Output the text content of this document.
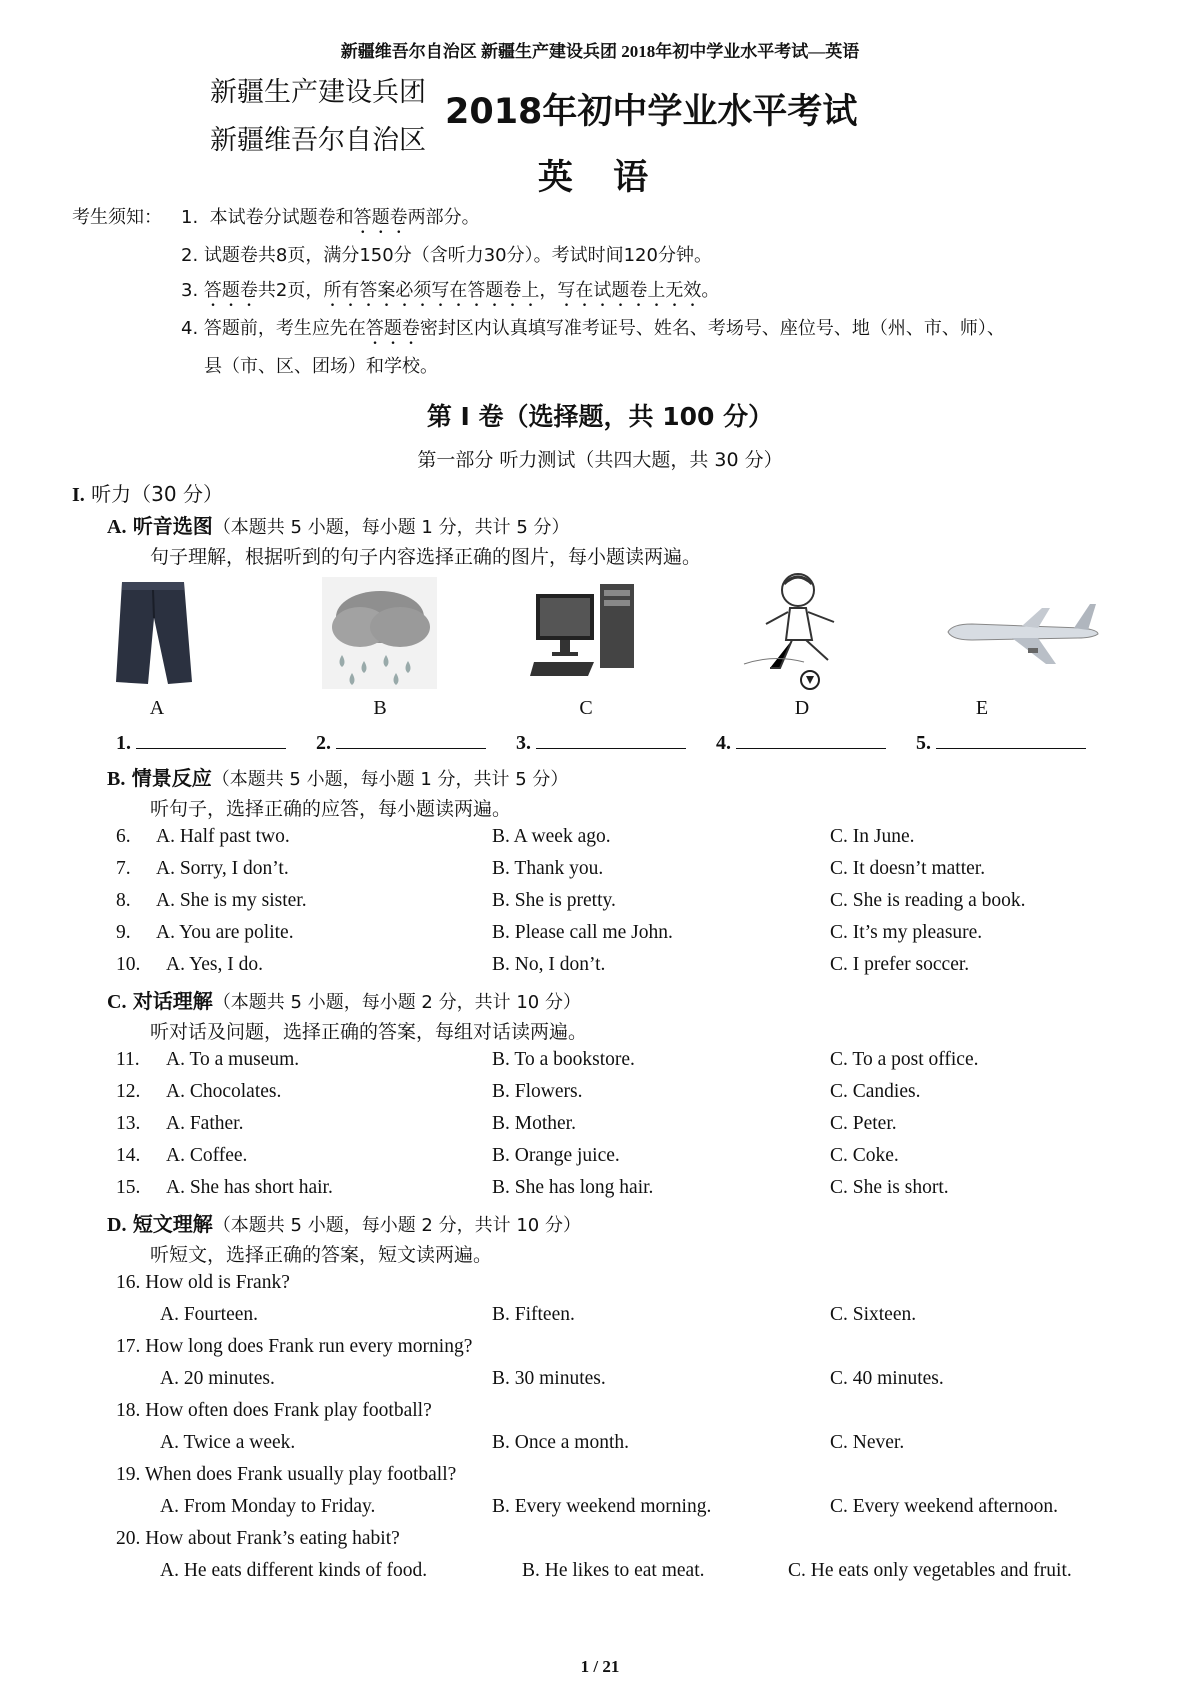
新疆维吾尔自治区 新疆生产建设兵团 2018年初中学业水平考试—英语
新疆生产建设兵团
新疆维吾尔自治区
2018年初中学业水平考试
英 语
考生须知： 1. 本试卷分试题卷和答题卷两部分。
2. 试题卷共8页，满分150分（含听力30分）。考试时间120分钟。
3. 答题卷共2页，所有答案必须写在答题卷上，写在试题卷上无效。
4. 答题前，考生应先在答题卷密封区内认真填写准考证号、姓名、考场号、座位号、地（州、市、师）、
县（市、区、团场）和学校。
第 I 卷（选择题，共 100 分）
第一部分 听力测试（共四大题，共 30 分）
I. 听力（30 分）
A. 听音选图（本题共 5 小题，每小题 1 分，共计 5 分）
句子理解，根据听到的句子内容选择正确的图片，每小题读两遍。
A	B	C	D	E
1.	2.	3.	4.	5.
B. 情景反应（本题共 5 小题，每小题 1 分，共计 5 分）
听句子，选择正确的应答，每小题读两遍。
6. A. Half past two.	B. A week ago.	C. In June.
7. A. Sorry, I don’t.	B. Thank you.	C. It doesn’t matter.
8. A. She is my sister.	B. She is pretty.	C. She is reading a book.
9. A. You are polite.	B. Please call me John.	C. It’s my pleasure.
10. A. Yes, I do.	B. No, I don’t.	C. I prefer soccer.
C. 对话理解（本题共 5 小题，每小题 2 分，共计 10 分）
听对话及问题，选择正确的答案，每组对话读两遍。
11. A. To a museum.	B. To a bookstore.	C. To a post office.
12. A. Chocolates.	B. Flowers.	C. Candies.
13. A. Father.	B. Mother.	C. Peter.
14. A. Coffee.	B. Orange juice.	C. Coke.
15. A. She has short hair.	B. She has long hair.	C. She is short.
D. 短文理解（本题共 5 小题，每小题 2 分，共计 10 分）
听短文，选择正确的答案，短文读两遍。
16. How old is Frank?
A. Fourteen.	B. Fifteen.	C. Sixteen.
17. How long does Frank run every morning?
A. 20 minutes.	B. 30 minutes.	C. 40 minutes.
18. How often does Frank play football?
A. Twice a week.	B. Once a month.	C. Never.
19. When does Frank usually play football?
A. From Monday to Friday.	B. Every weekend morning.	C. Every weekend afternoon.
20. How about Frank’s eating habit?
A. He eats different kinds of food.	B. He likes to eat meat.	C. He eats only vegetables and fruit.
1 / 21
